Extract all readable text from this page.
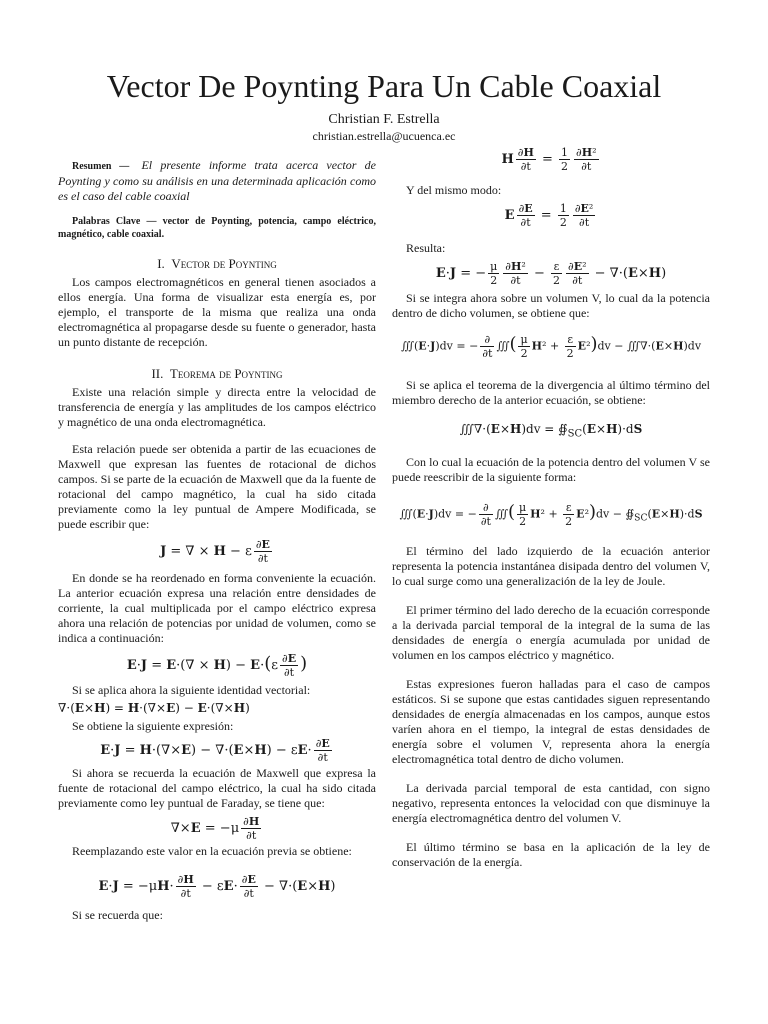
Vector De Poynting Para Un Cable Coaxial
Christian F. Estrella
christian.estrella@ucuenca.ec

Resumen — El presente informe trata acerca vector de Poynting y como su análisis en una determinada aplicación como es el caso del cable coaxial

Palabras Clave — vector de Poynting, potencia, campo eléctrico, magnético, cable coaxial.

I. Vector de Poynting

Los campos electromagnéticos en general tienen asociados a ellos energía. Una forma de visualizar esta energía es, por ejemplo, el transporte de la misma que realiza una onda electromagnética al propagarse desde su fuente o generador, hasta un punto distante de recepción.

II. Teorema de Poynting

Existe una relación simple y directa entre la velocidad de transferencia de energía y las amplitudes de los campos eléctrico y magnético de una onda electromagnética.

Esta relación puede ser obtenida a partir de las ecuaciones de Maxwell que expresan las fuentes de rotacional de dichos campos. Si se parte de la ecuación de Maxwell que da la fuente de rotacional del campo magnético, la cual ha sido citada previamente como la ley puntual de Ampere Modificada, se puede escribir que:

J = ∇ × H − ε $\frac{\partial E}{\partial t}$

En donde se ha reordenado en forma conveniente la ecuación. La anterior ecuación expresa una relación entre densidades de corriente, la cual multiplicada por el campo eléctrico expresa ahora una relación de potencias por unidad de volumen, como se indica a continuación:

$E\cdot J = E\cdot(\nabla \times H) - E\cdot(\varepsilon \frac{\partial E}{\partial t}$ )

Si se aplica ahora la siguiente identidad vectorial:

∇·(E×H) = H·(∇×E) − E·(∇×H)

Se obtiene la siguiente expresión:

$E\cdot J = H\cdot(\nabla\times E) - \nabla\cdot(E\times H) - \varepsilon E\cdot \frac{\partial E}{\partial t}$

Si ahora se recuerda la ecuación de Maxwell que expresa la fuente de rotacional del campo eléctrico, la cual ha sido citada previamente como ley puntual de Faraday, se tiene que:

$\nabla\times E = -\mu \frac{\partial H}{\partial t}$

Reemplazando este valor en la ecuación previa se obtiene:

$E\cdot J = -\mu H\cdot \frac{\partial H}{\partial t} - \varepsilon E\cdot \frac{\partial E}{\partial t} - \nabla\cdot(E\times H)$

Si se recuerda que:

H $\frac{\partial H}{\partial t} = \frac{1}{2} \frac{\text{∂H²}}{\partial t}$

Y del mismo modo:

E $\frac{\partial E}{\partial t} = \frac{1}{2} \frac{\text{∂E²}}{\partial t}$

Resulta:

E·J = − $\frac{\mu}{2} \frac{\text{∂H²}}{\partial t} - \frac{\varepsilon}{2} \frac{\text{∂E²}}{\partial t} - \nabla\cdot(E\times H)$

Si se integra ahora sobre un volumen V, lo cual da la potencia dentro de dicho volumen, se obtiene que:

∭(E·J)dv = − $\frac{\partial}{\partial t}$ ∭( $\frac{\mu}{2} H^2 + \frac{\varepsilon}{2} E^2)dv$ − ∭∇·(E×H)dv

Si se aplica el teorema de la divergencia al último término del miembro derecho de la anterior ecuación, se obtiene:

∭∇·(E×H)dv = $∯_{SC}(E\times H)\cdot dS$

Con lo cual la ecuación de la potencia dentro del volumen V se puede reescribir de la siguiente forma:

∭(E·J)dv = − $\frac{\partial}{\partial t}$ ∭( $\frac{\mu}{2} H^2 + \frac{\varepsilon}{2} E^2)dv$ − $∯_{SC}(E\times H)\cdot dS$

El término del lado izquierdo de la ecuación anterior representa la potencia instantánea disipada dentro del volumen V, lo cual surge como una generalización de la ley de Joule.

El primer término del lado derecho de la ecuación corresponde a la derivada parcial temporal de la integral de la suma de las densidades de energía o energía acumulada por unidad de volumen en los campos eléctrico y magnético.

Estas expresiones fueron halladas para el caso de campos estáticos. Si se supone que estas cantidades siguen representando densidades de energía almacenadas en los campos, aunque estos varíen ahora en el tiempo, la integral de estas densidades de energía sobre el volumen V, representa ahora la energía electromagnética total dentro de dicho volumen.

La derivada parcial temporal de esta cantidad, con signo negativo, representa entonces la velocidad con que disminuye la energía electromagnética dentro del volumen V.

El último término se basa en la aplicación de la ley de conservación de la energía.
